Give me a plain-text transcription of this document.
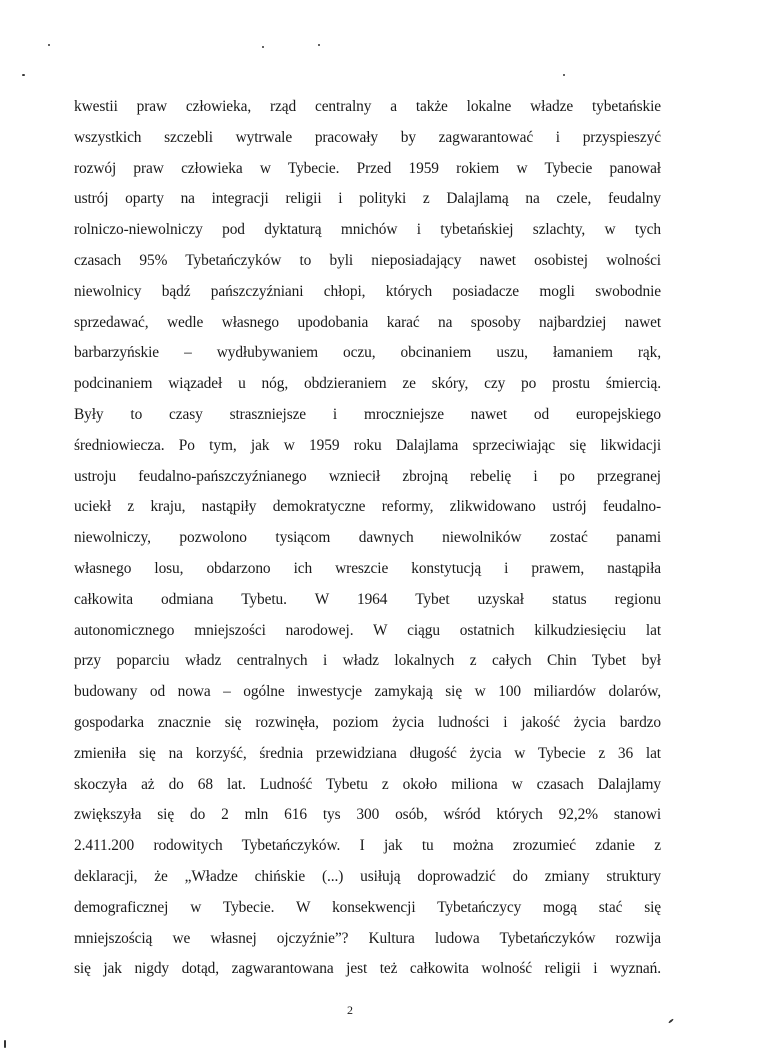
kwestii praw człowieka, rząd centralny a także lokalne władze tybetańskie
wszystkich szczebli wytrwale pracowały by zagwarantować i przyspieszyć
rozwój praw człowieka w Tybecie. Przed 1959 rokiem w Tybecie panował
ustrój oparty na integracji religii i polityki z Dalajlamą na czele, feudalny
rolniczo-niewolniczy pod dyktaturą mnichów i tybetańskiej szlachty, w tych
czasach 95% Tybetańczyków to byli nieposiadający nawet osobistej wolności
niewolnicy bądź pańszczyźniani chłopi, których posiadacze mogli swobodnie
sprzedawać, wedle własnego upodobania karać na sposoby najbardziej nawet
barbarzyńskie – wydłubywaniem oczu, obcinaniem uszu, łamaniem rąk,
podcinaniem wiązadeł u nóg, obdzieraniem ze skóry, czy po prostu śmiercią.
Były to czasy straszniejsze i mroczniejsze nawet od europejskiego
średniowiecza. Po tym, jak w 1959 roku Dalajlama sprzeciwiając się likwidacji
ustroju feudalno-pańszczyźnianego wzniecił zbrojną rebelię i po przegranej
uciekł z kraju, nastąpiły demokratyczne reformy, zlikwidowano ustrój feudalno-
niewolniczy, pozwolono tysiącom dawnych niewolników zostać panami
własnego losu, obdarzono ich wreszcie konstytucją i prawem, nastąpiła
całkowita odmiana Tybetu. W 1964 Tybet uzyskał status regionu
autonomicznego mniejszości narodowej. W ciągu ostatnich kilkudziesięciu lat
przy poparciu władz centralnych i władz lokalnych z całych Chin Tybet był
budowany od nowa – ogólne inwestycje zamykają się w 100 miliardów dolarów,
gospodarka znacznie się rozwinęła, poziom życia ludności i jakość życia bardzo
zmieniła się na korzyść, średnia przewidziana długość życia w Tybecie z 36 lat
skoczyła aż do 68 lat. Ludność Tybetu z około miliona w czasach Dalajlamy
zwiększyła się do 2 mln 616 tys 300 osób, wśród których 92,2% stanowi
2.411.200 rodowitych Tybetańczyków. I jak tu można zrozumieć zdanie z
deklaracji, że „Władze chińskie (...) usiłują doprowadzić do zmiany struktury
demograficznej w Tybecie. W konsekwencji Tybetańczycy mogą stać się
mniejszością we własnej ojczyźnie”? Kultura ludowa Tybetańczyków rozwija
się jak nigdy dotąd, zagwarantowana jest też całkowita wolność religii i wyznań.
2
